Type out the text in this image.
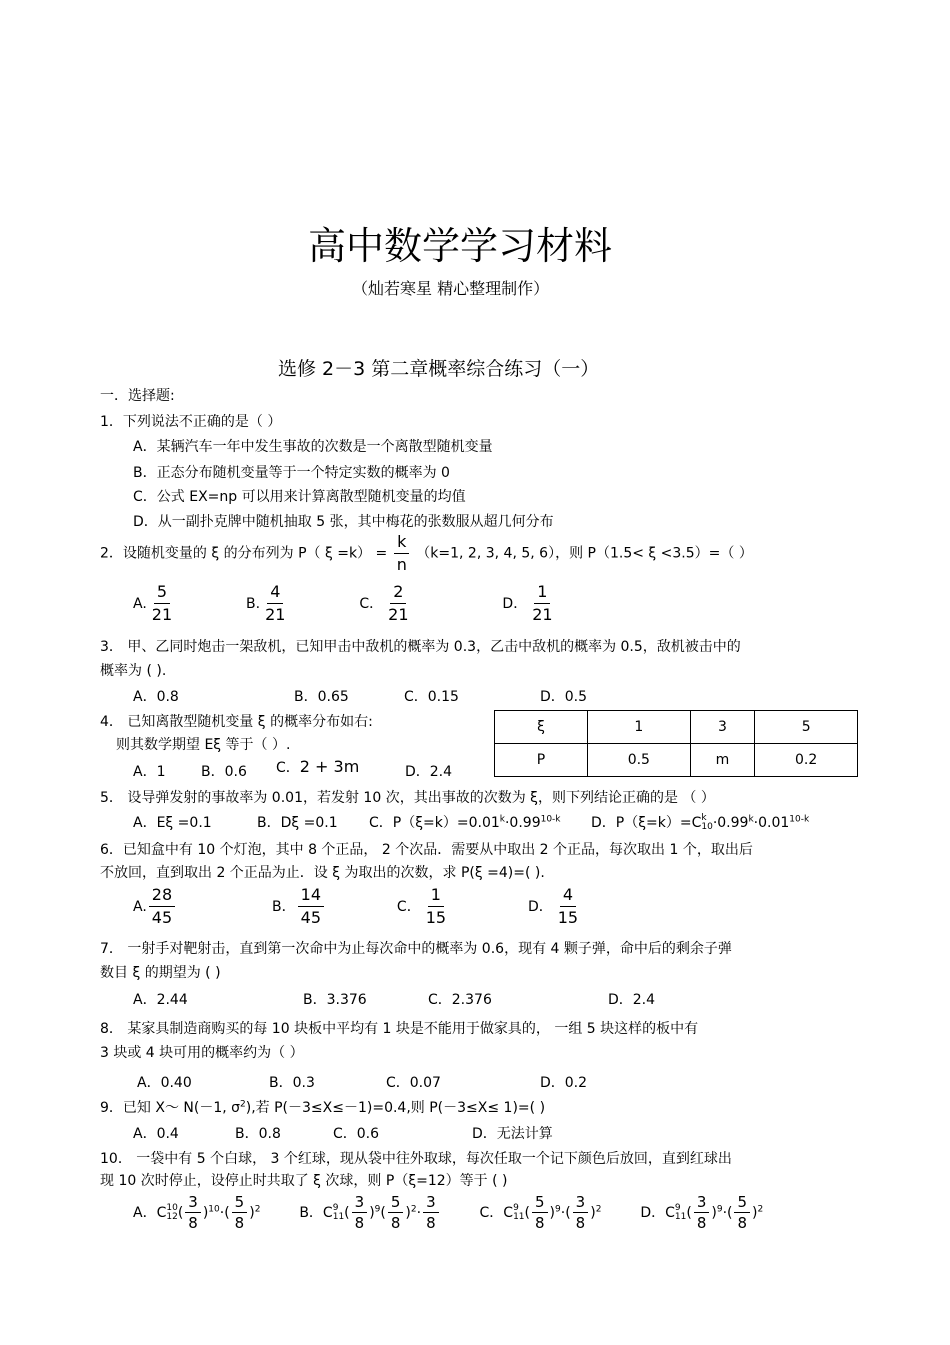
高中数学学习材料
（灿若寒星 精心整理制作）
选修 2－3 第二章概率综合练习（一）
一．选择题:
1．下列说法不正确的是（ ）
A．某辆汽车一年中发生事故的次数是一个离散型随机变量
B．正态分布随机变量等于一个特定实数的概率为 0
C．公式 EX=np 可以用来计算离散型随机变量的均值
D．从一副扑克牌中随机抽取 5 张，其中梅花的张数服从超几何分布
2．设随机变量的 ξ 的分布列为 P（ $\xi =k) = \frac{k}{n} (k=1$, 2, 3, 4, 5, 6），则 P（1.5< ξ <3.5）=（ ）
A. $\frac{5}{21}$	B. $\frac{4}{21}$	C． $\frac{2}{21}$	D． $\frac{1}{21}$
3． 甲、乙同时炮击一架敌机，已知甲击中敌机的概率为 0.3，乙击中敌机的概率为 0.5，敌机被击中的
概率为 ( ).
A．0.8	B．0.65	C．0.15	D．0.5
4． 已知离散型随机变量 ξ 的概率分布如右:
则其数学期望 Eξ 等于（ ）.
A．1	B．0.6 C．2 + 3m	D．2.4
ξ	1	3	5
P	0.5	m	0.2
5． 设导弹发射的事故率为 0.01，若发射 10 次，其出事故的次数为 ξ，则下列结论正确的是 （ ）
A．Eξ =0.1	B．Dξ =0.1 C．$P(\xi=k)=0.01^k\cdot 0.99^{10-k}$ D．P（ξ=k）=C k
$10 \cdot 0.99^k\cdot 0.01^{10-k}$
6．已知盒中有 10 个灯泡，其中 8 个正品， 2 个次品．需要从中取出 2 个正品，每次取出 1 个，取出后
不放回，直到取出 2 个正品为止．设 ξ 为取出的次数，求 P(ξ =4)=( ).
A. $\frac{28}{45}$	B． $\frac{14}{45}$	C． $\frac{1}{15}$	D． $\frac{4}{15}$
7． 一射手对靶射击，直到第一次命中为止每次命中的概率为 0.6，现有 4 颗子弹，命中后的剩余子弹
数目 ξ 的期望为 ( )
A．2.44	B．3.376	C．2.376	D．2.4
8． 某家具制造商购买的每 10 块板中平均有 1 块是不能用于做家具的， 一组 5 块这样的板中有
3 块或 4 块可用的概率约为（ ）
A．0.40	B．0.3	C．0.07	D．0.2
9．已知 X～ N(－1, $\sigma^2$),若 P(－3≤X≤－1)=0.4,则 P(－3≤X≤ 1)=( )
A．0.4	B．0.8	C．0.6	D．无法计算
10． 一袋中有 5 个白球， 3 个红球，现从袋中往外取球，每次任取一个记下颜色后放回，直到红球出
现 10 次时停止，设停止时共取了 ξ 次球，则 P（ξ=12）等于 ( )
A．C 10
12 ( $\frac{3}{8} )^{10}\cdot( \frac{5}{8} )^2$	B．C 9
11 ( $\frac{3}{8} )^9( \frac{5}{8} )^2\cdot \frac{3}{8}$	C．C 9
11 ( $\frac{5}{8} )^9\cdot( \frac{3}{8} )^2$	D．C 9
11 ( $\frac{3}{8} )^9\cdot( \frac{5}{8} )^2$
